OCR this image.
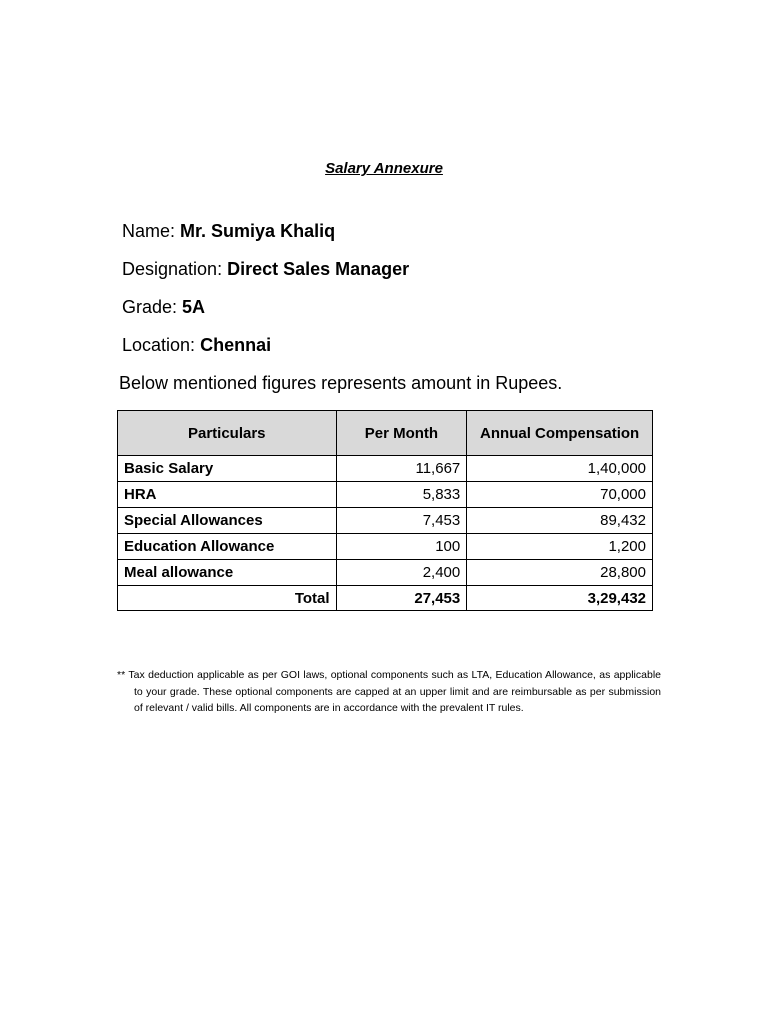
Salary Annexure
Name: Mr. Sumiya Khaliq
Designation: Direct Sales Manager
Grade: 5A
Location: Chennai
Below mentioned figures represents amount in Rupees.
Particulars	Per Month	Annual Compensation
Basic Salary	11,667	1,40,000
HRA	5,833	70,000
Special Allowances	7,453	89,432
Education Allowance	100	1,200
Meal allowance	2,400	28,800
Total	27,453	3,29,432
** Tax deduction applicable as per GOI laws, optional components such as LTA, Education Allowance, as applicable to your grade. These optional components are capped at an upper limit and are reimbursable as per submission of relevant / valid bills. All components are in accordance with the prevalent IT rules.
